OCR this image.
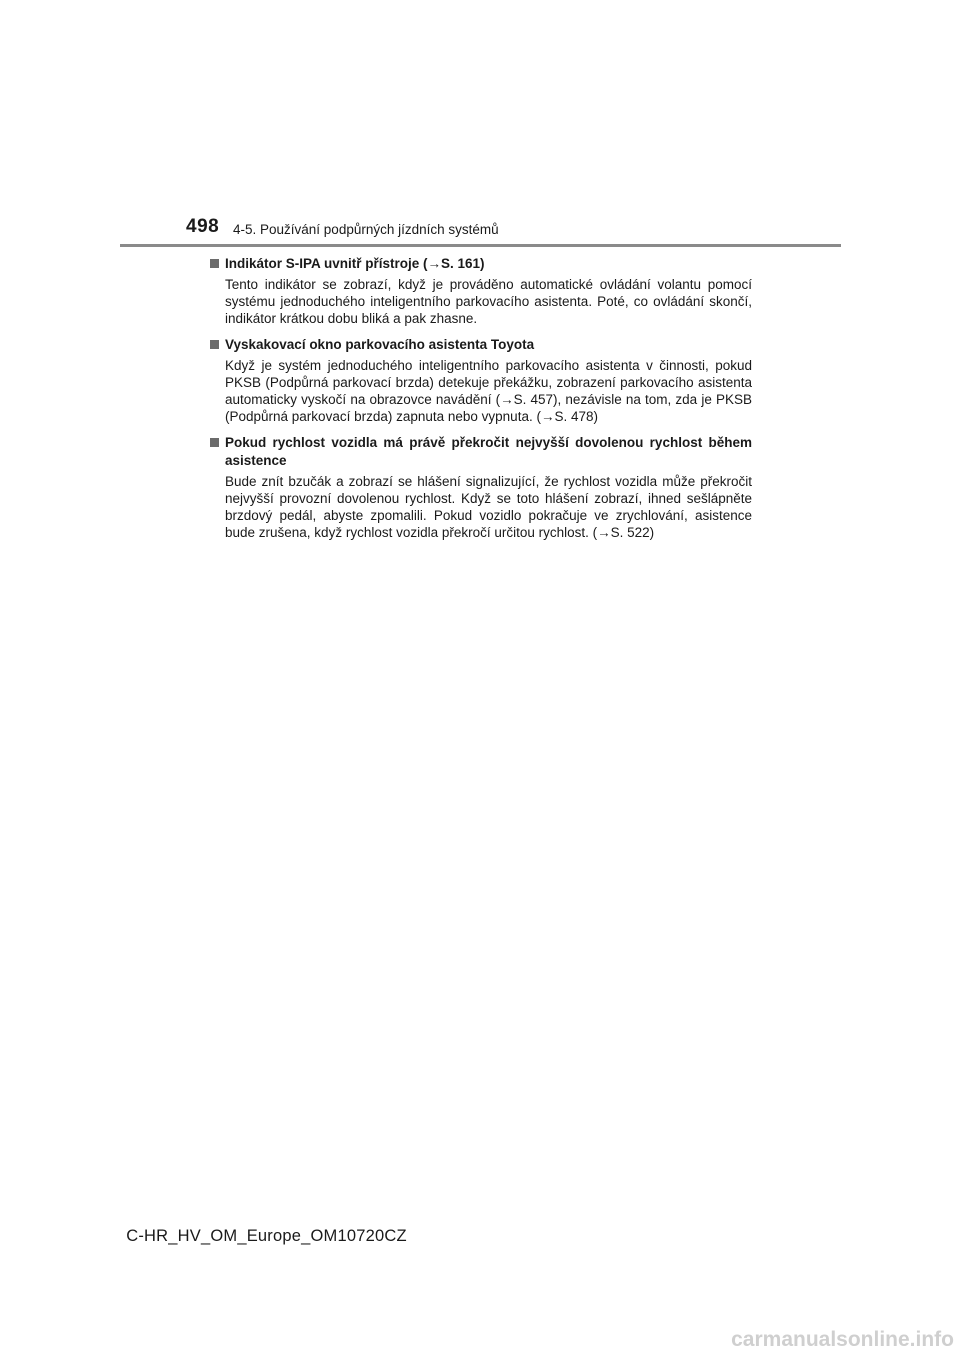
498 4-5. Používání podpůrných jízdních systémů
Indikátor S-IPA uvnitř přístroje (→S. 161)
Tento indikátor se zobrazí, když je prováděno automatické ovládání volantu pomocí systému jednoduchého inteligentního parkovacího asistenta. Poté, co ovládání skončí, indikátor krátkou dobu bliká a pak zhasne.
Vyskakovací okno parkovacího asistenta Toyota
Když je systém jednoduchého inteligentního parkovacího asistenta v činnosti, pokud PKSB (Podpůrná parkovací brzda) detekuje překážku, zobrazení parkovacího asistenta automaticky vyskočí na obrazovce navádění (→S. 457), nezávisle na tom, zda je PKSB (Podpůrná parkovací brzda) zapnuta nebo vypnuta. (→S. 478)
Pokud rychlost vozidla má právě překročit nejvyšší dovolenou rychlost během asistence
Bude znít bzučák a zobrazí se hlášení signalizující, že rychlost vozidla může překročit nejvyšší provozní dovolenou rychlost. Když se toto hlášení zobrazí, ihned sešlápněte brzdový pedál, abyste zpomalili. Pokud vozidlo pokračuje ve zrychlování, asistence bude zrušena, když rychlost vozidla překročí určitou rychlost. (→S. 522)
C-HR_HV_OM_Europe_OM10720CZ
carmanualsonline.info
